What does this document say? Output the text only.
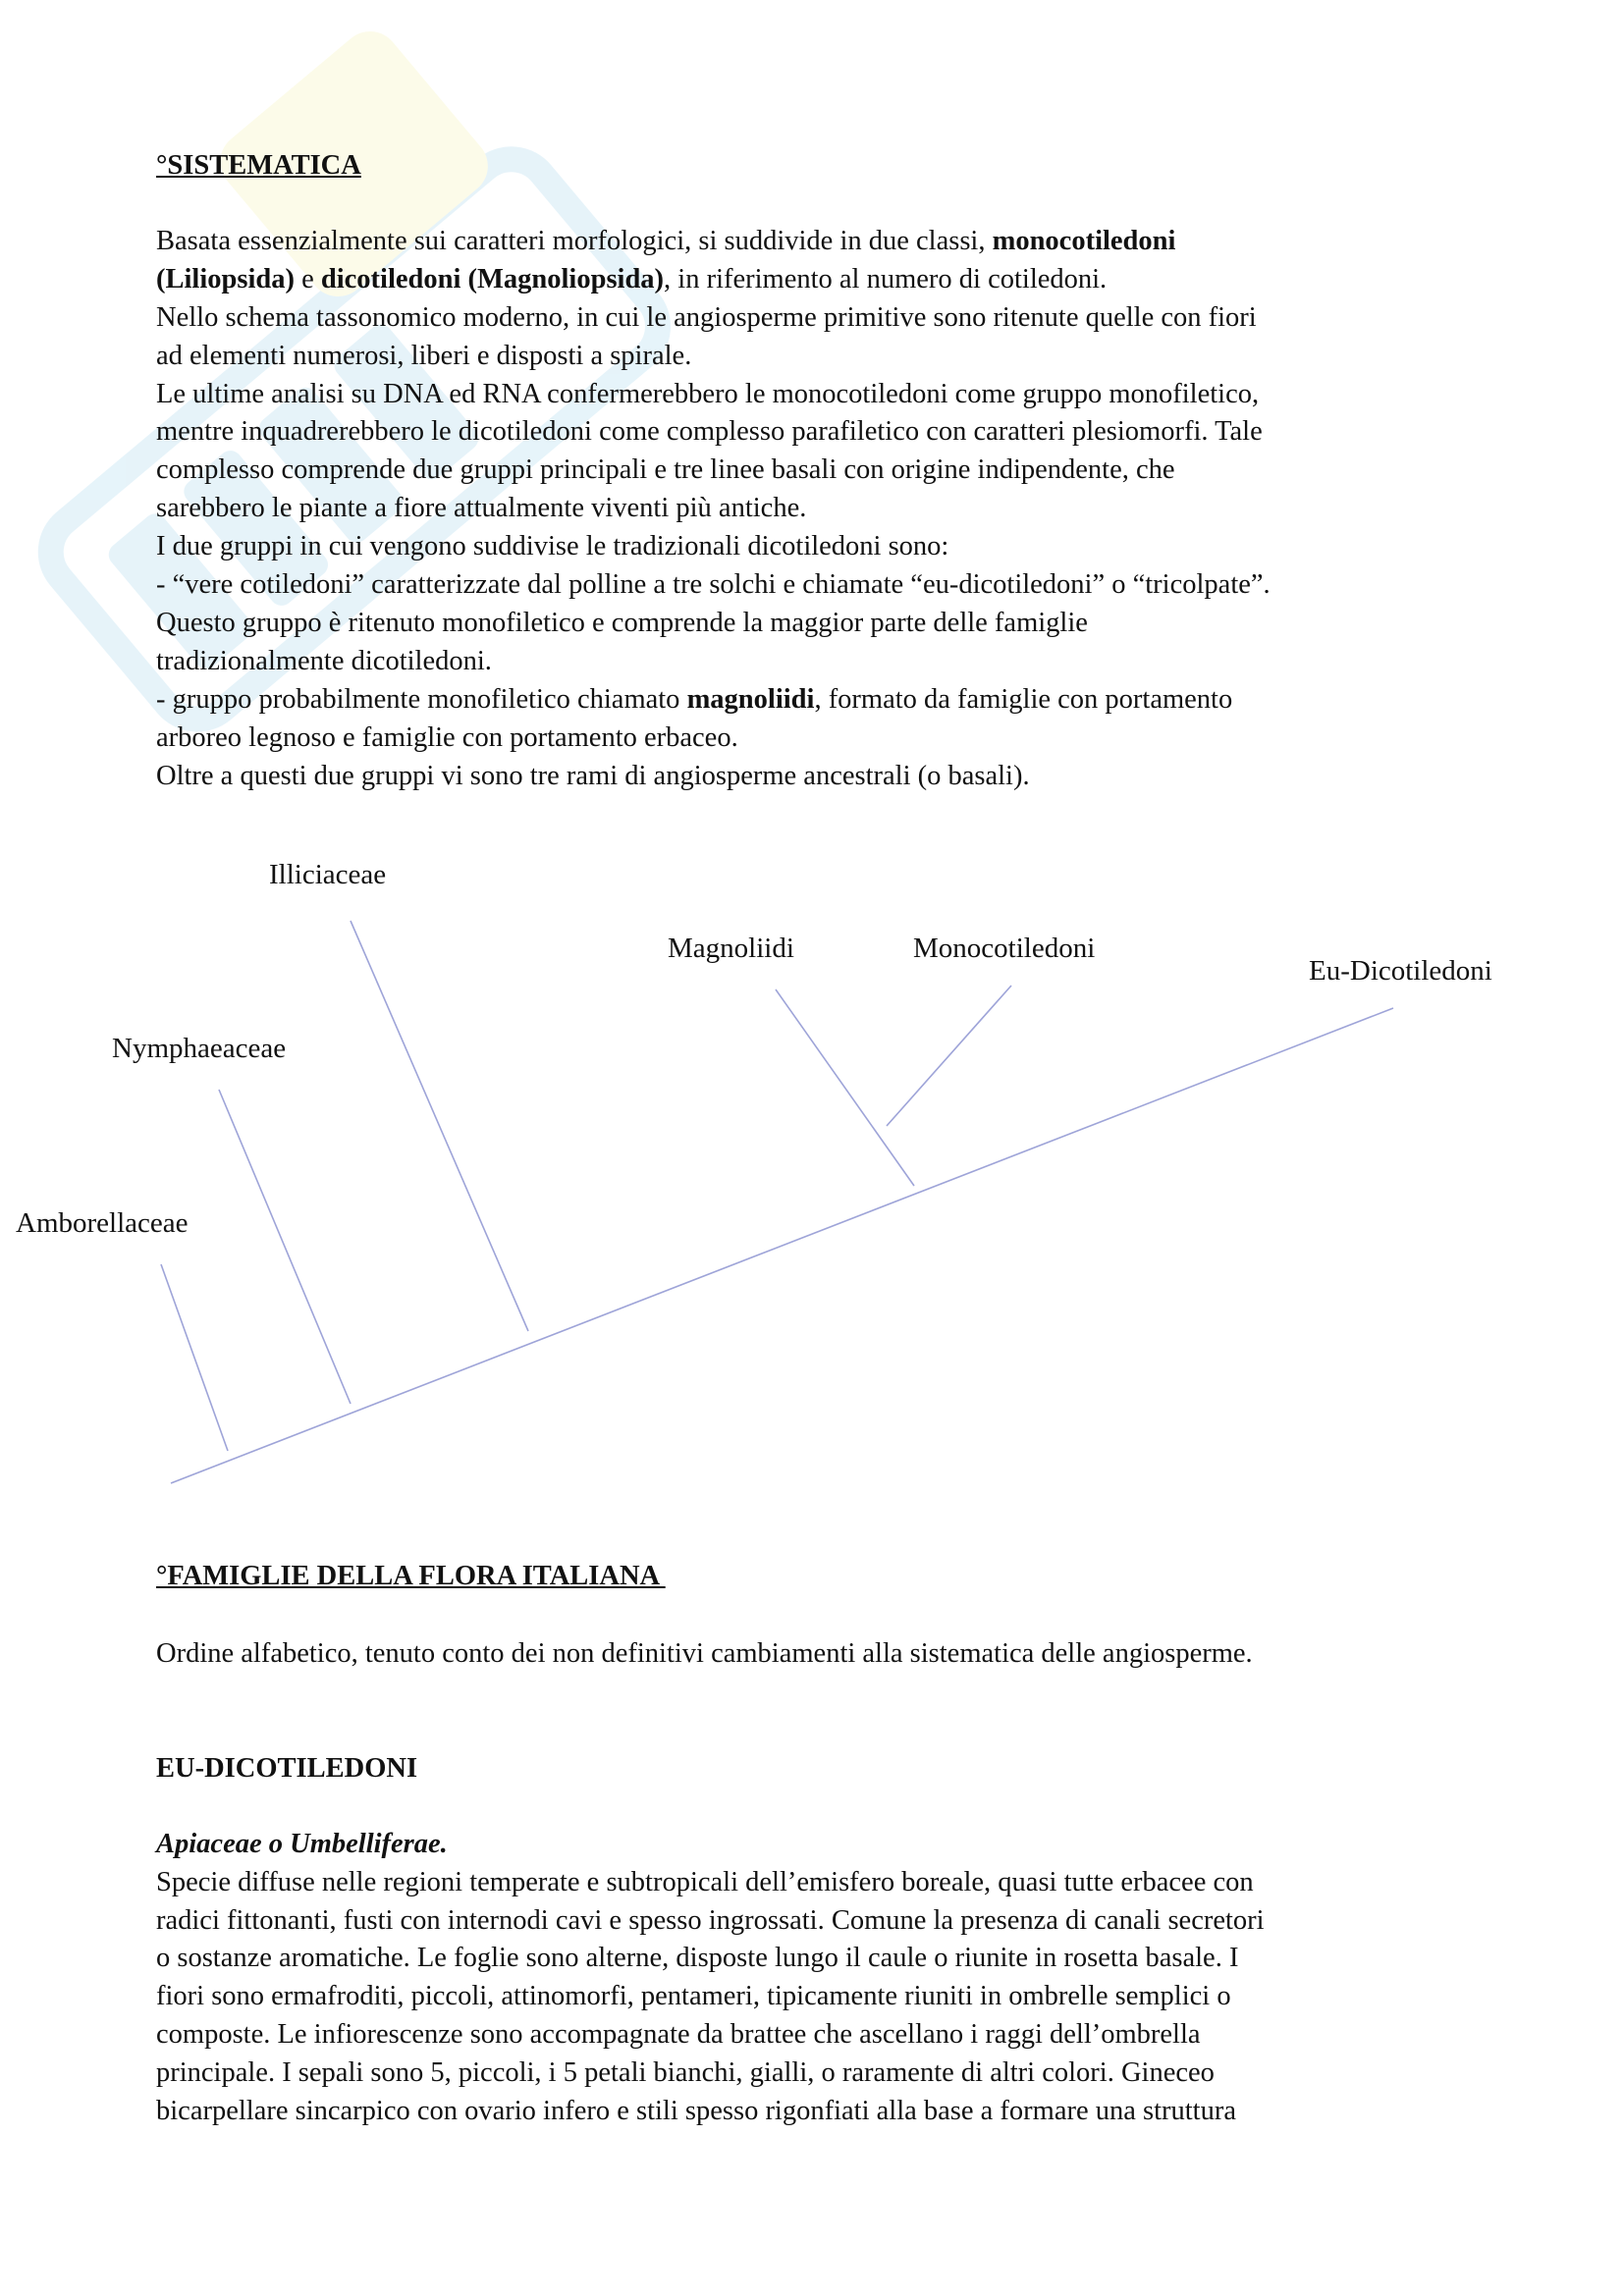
°SISTEMATICA
Basata essenzialmente sui caratteri morfologici, si suddivide in due classi, monocotiledoni
(Liliopsida) e dicotiledoni (Magnoliopsida), in riferimento al numero di cotiledoni.
Nello schema tassonomico moderno, in cui le angiosperme primitive sono ritenute quelle con fiori
ad elementi numerosi, liberi e disposti a spirale.
Le ultime analisi su DNA ed RNA confermerebbero le monocotiledoni come gruppo monofiletico,
mentre inquadrerebbero le dicotiledoni come complesso parafiletico con caratteri plesiomorfi. Tale
complesso comprende due gruppi principali e tre linee basali con origine indipendente, che
sarebbero le piante a fiore attualmente viventi più antiche.
I due gruppi in cui vengono suddivise le tradizionali dicotiledoni sono:
- “vere cotiledoni” caratterizzate dal polline a tre solchi e chiamate “eu-dicotiledoni” o “tricolpate”.
Questo gruppo è ritenuto monofiletico e comprende la maggior parte delle famiglie
tradizionalmente dicotiledoni.
- gruppo probabilmente monofiletico chiamato magnoliidi, formato da famiglie con portamento
arboreo legnoso e famiglie con portamento erbaceo.
Oltre a questi due gruppi vi sono tre rami di angiosperme ancestrali (o basali).
Illiciaceae
Magnoliidi	Monocotiledoni
Eu-Dicotiledoni
Nymphaeaceae
Amborellaceae
°FAMIGLIE DELLA FLORA ITALIANA
Ordine alfabetico, tenuto conto dei non definitivi cambiamenti alla sistematica delle angiosperme.
EU-DICOTILEDONI
Apiaceae o Umbelliferae.
Specie diffuse nelle regioni temperate e subtropicali dell’emisfero boreale, quasi tutte erbacee con
radici fittonanti, fusti con internodi cavi e spesso ingrossati. Comune la presenza di canali secretori
o sostanze aromatiche. Le foglie sono alterne, disposte lungo il caule o riunite in rosetta basale. I
fiori sono ermafroditi, piccoli, attinomorfi, pentameri, tipicamente riuniti in ombrelle semplici o
composte. Le infiorescenze sono accompagnate da brattee che ascellano i raggi dell’ombrella
principale. I sepali sono 5, piccoli, i 5 petali bianchi, gialli, o raramente di altri colori. Gineceo
bicarpellare sincarpico con ovario infero e stili spesso rigonfiati alla base a formare una struttura
